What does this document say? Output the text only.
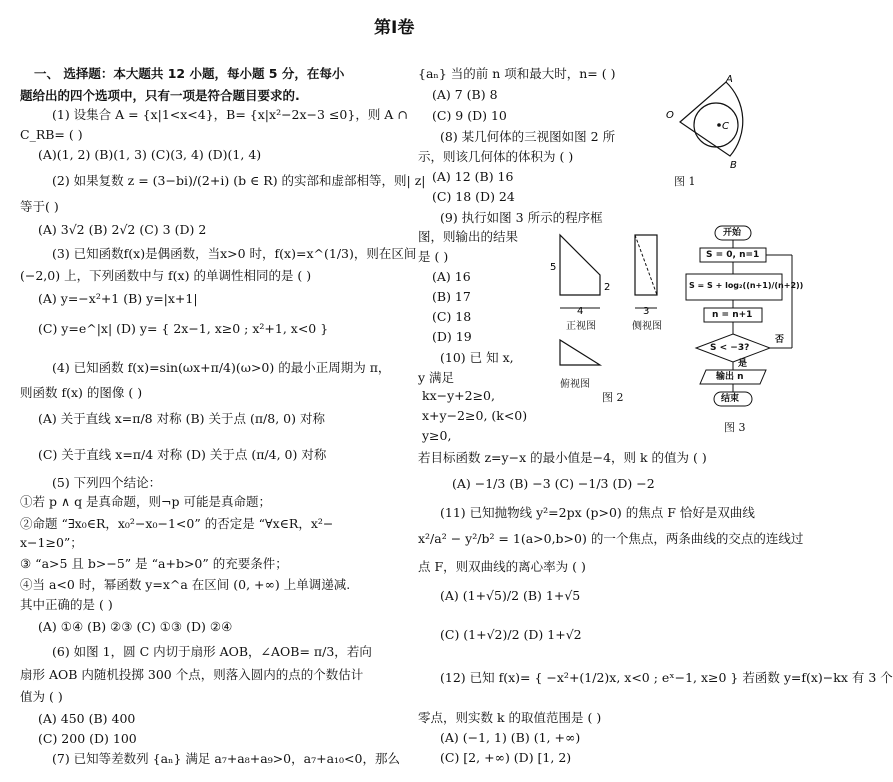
第Ⅰ卷
一、 选择题：本大题共 12 小题，每小题 5 分，在每小
题给出的四个选项中，只有一项是符合题目要求的.
(1) 设集合 A = {x|1<x<4}，B= {x|x²−2x−3 ≤0}，则 A ∩
C_RB= ( )
(A)(1, 2) (B)(1, 3) (C)(3, 4) (D)(1, 4)
(2) 如果复数 z = (3−bi)/(2+i) (b ∈ R) 的实部和虚部相等，则| z|
等于( )
(A) 3√2 (B) 2√2 (C) 3 (D) 2
(3) 已知函数f(x)是偶函数，当x>0 时，f(x)=x^(1/3)，则在区间
(−2,0) 上，下列函数中与 f(x) 的单调性相同的是 ( )
(A) y=−x²+1 (B) y=|x+1|
(C) y=e^|x| (D) y= { 2x−1, x≥0 ; x²+1, x<0 }
(4) 已知函数 f(x)=sin(ωx+π/4)(ω>0) 的最小正周期为 π，
则函数 f(x) 的图像 ( )
(A) 关于直线 x=π/8 对称 (B) 关于点 (π/8, 0) 对称
(C) 关于直线 x=π/4 对称 (D) 关于点 (π/4, 0) 对称
(5) 下列四个结论：
①若 p ∧ q 是真命题，则¬p 可能是真命题；
②命题 “∃x₀∈R，x₀²−x₀−1<0” 的否定是 “∀x∈R，x²−
x−1≥0”；
③ “a>5 且 b>−5” 是 “a+b>0” 的充要条件；
④当 a<0 时，幂函数 y=x^a 在区间 (0, +∞) 上单调递减.
其中正确的是 ( )
(A) ①④ (B) ②③ (C) ①③ (D) ②④
(6) 如图 1，圆 C 内切于扇形 AOB，∠AOB= π/3，若向
扇形 AOB 内随机投掷 300 个点，则落入圆内的点的个数估计
值为 ( )
(A) 450 (B) 400
(C) 200 (D) 100
(7) 已知等差数列 {aₙ} 满足 a₇+a₈+a₉>0，a₇+a₁₀<0，那么
{aₙ} 当的前 n 项和最大时，n= ( )
(A) 7 (B) 8
(C) 9 (D) 10
(8) 某几何体的三视图如图 2 所
示，则该几何体的体积为 ( )
(A) 12 (B) 16
(C) 18 (D) 24
(9) 执行如图 3 所示的程序框
图，则输出的结果
是 ( )
(A) 16
(B) 17
(C) 18
(D) 19
(10) 已 知 x,
y 满足
kx−y+2≥0,
x+y−2≥0, (k<0)
y≥0,
若目标函数 z=y−x 的最小值是−4，则 k 的值为 ( )
(A) −1/3 (B) −3 (C) −1/3 (D) −2
(11) 已知抛物线 y²=2px (p>0) 的焦点 F 恰好是双曲线
x²/a² − y²/b² = 1(a>0,b>0) 的一个焦点，两条曲线的交点的连线过
点 F，则双曲线的离心率为 ( )
(A) (1+√5)/2 (B) 1+√5
(C) (1+√2)/2 (D) 1+√2
(12) 已知 f(x)= { −x²+(1/2)x, x<0 ; eˣ−1, x≥0 } 若函数 y=f(x)−kx 有 3 个
零点，则实数 k 的取值范围是 ( )
(A) (−1, 1) (B) (1, +∞)
(C) [2, +∞) (D) [1, 2)
O
A
B
C
图 1
5
2
4	3
正视图	侧视图
俯视图
图 2
开始
S = 0, n=1
S = S + log₂((n+1)/(n+2))
n = n+1
S < −3?
否
是
输出 n
结束
图 3
